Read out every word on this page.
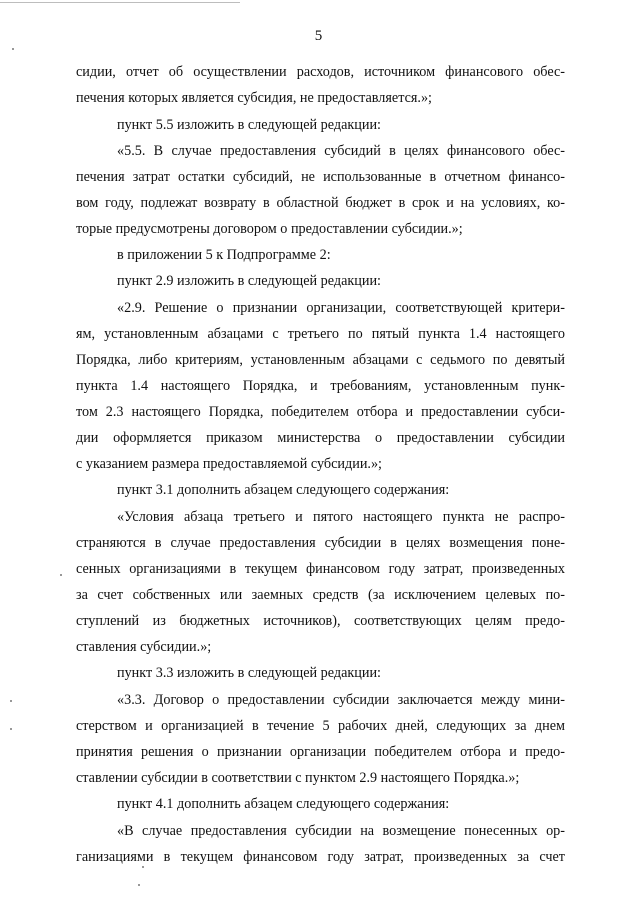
5
сидии, отчет об осуществлении расходов, источником финансового обес-
печения которых является субсидия, не предоставляется.»;
пункт 5.5 изложить в следующей редакции:
«5.5. В случае предоставления субсидий в целях финансового обес-
печения затрат остатки субсидий, не использованные в отчетном финансо-
вом году, подлежат возврату в областной бюджет в срок и на условиях, ко-
торые предусмотрены договором о предоставлении субсидии.»;
в приложении 5 к Подпрограмме 2:
пункт 2.9 изложить в следующей редакции:
«2.9. Решение о признании организации, соответствующей критери-
ям, установленным абзацами с третьего по пятый пункта 1.4 настоящего
Порядка, либо критериям, установленным абзацами с седьмого по девятый
пункта 1.4 настоящего Порядка, и требованиям, установленным пунк-
том 2.3 настоящего Порядка, победителем отбора и предоставлении субси-
дии оформляется приказом министерства о предоставлении субсидии
с указанием размера предоставляемой субсидии.»;
пункт 3.1 дополнить абзацем следующего содержания:
«Условия абзаца третьего и пятого настоящего пункта не распро-
страняются в случае предоставления субсидии в целях возмещения поне-
сенных организациями в текущем финансовом году затрат, произведенных
за счет собственных или заемных средств (за исключением целевых по-
ступлений из бюджетных источников), соответствующих целям предо-
ставления субсидии.»;
пункт 3.3 изложить в следующей редакции:
«3.3. Договор о предоставлении субсидии заключается между мини-
стерством и организацией в течение 5 рабочих дней, следующих за днем
принятия решения о признании организации победителем отбора и предо-
ставлении субсидии в соответствии с пунктом 2.9 настоящего Порядка.»;
пункт 4.1 дополнить абзацем следующего содержания:
«В случае предоставления субсидии на возмещение понесенных ор-
ганизациями в текущем финансовом году затрат, произведенных за счет
